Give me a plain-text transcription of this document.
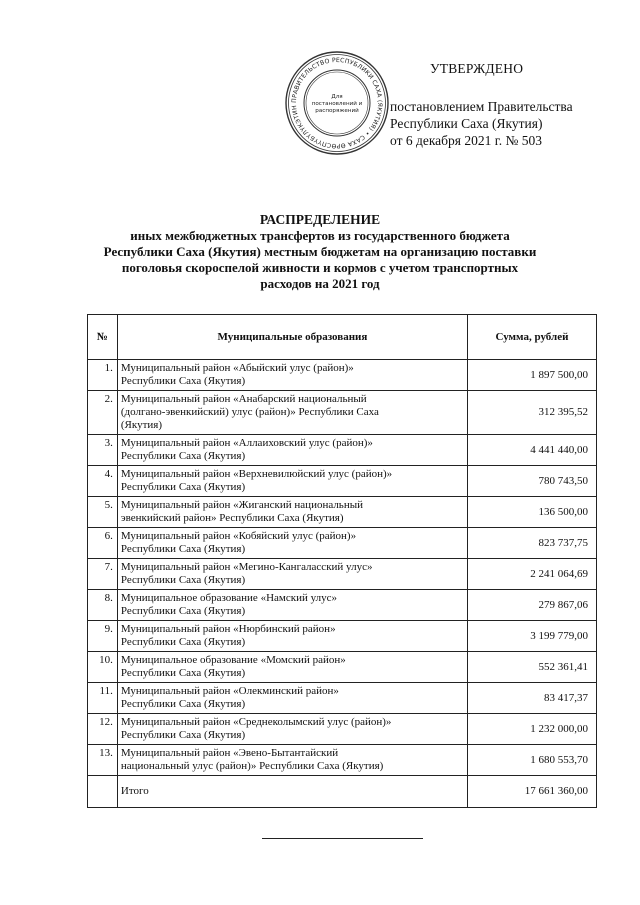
ПРАВИТЕЛЬСТВО РЕСПУБЛИКИ САХА (ЯКУТИЯ) • САХА ӨРӨСПҮҮБҮЛҮКЭТИН
Для
постановлений и
распоряжений
УТВЕРЖДЕНО
постановлением Правительства
Республики Саха (Якутия)
от 6 декабря 2021 г. № 503
РАСПРЕДЕЛЕНИЕ
иных межбюджетных трансфертов из государственного бюджета
Республики Саха (Якутия) местным бюджетам на организацию поставки
поголовья скороспелой живности и кормов с учетом транспортных
расходов на 2021 год
№	Муниципальные образования	Сумма, рублей
1.	Муниципальный район «Абыйский улус (район)»
Республики Саха (Якутия)	1 897 500,00
2.	Муниципальный район «Анабарский национальный
(долгано-эвенкийский) улус (район)» Республики Саха
(Якутия)	312 395,52
3.	Муниципальный район «Аллаиховский улус (район)»
Республики Саха (Якутия)	4 441 440,00
4.	Муниципальный район «Верхневилюйский улус (район)»
Республики Саха (Якутия)	780 743,50
5.	Муниципальный район «Жиганский национальный
эвенкийский район» Республики Саха (Якутия)	136 500,00
6.	Муниципальный район «Кобяйский улус (район)»
Республики Саха (Якутия)	823 737,75
7.	Муниципальный район «Мегино-Кангаласский улус»
Республики Саха (Якутия)	2 241 064,69
8.	Муниципальное образование «Намский улус»
Республики Саха (Якутия)	279 867,06
9.	Муниципальный район «Нюрбинский район»
Республики Саха (Якутия)	3 199 779,00
10.	Муниципальное образование «Момский район»
Республики Саха (Якутия)	552 361,41
11.	Муниципальный район «Олекминский район»
Республики Саха (Якутия)	83 417,37
12.	Муниципальный район «Среднеколымский улус (район)»
Республики Саха (Якутия)	1 232 000,00
13.	Муниципальный район «Эвено-Бытантайский
национальный улус (район)» Республики Саха (Якутия)	1 680 553,70
	Итого	17 661 360,00
